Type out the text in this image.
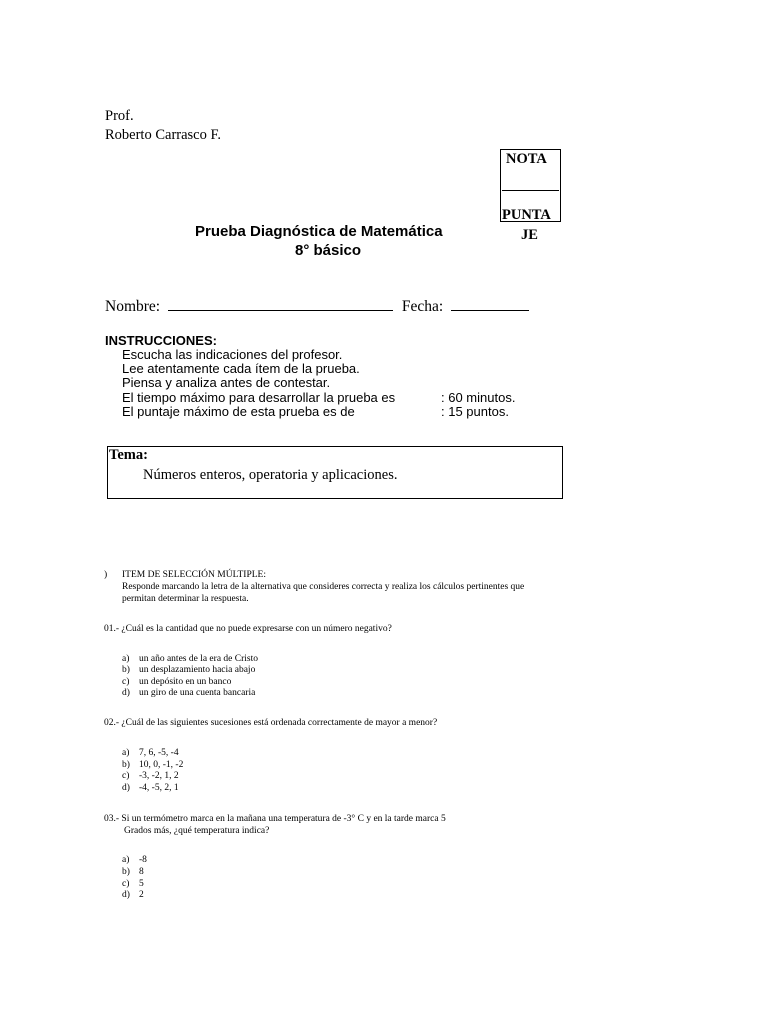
Prof.
Roberto Carrasco F.
NOTA
PUNTA
JE
Prueba Diagnóstica de Matemática
8° básico
Nombre:	Fecha:
INSTRUCCIONES:
Escucha las indicaciones del profesor.
Lee atentamente cada ítem de la prueba.
Piensa y analiza antes de contestar.
El tiempo máximo para desarrollar la prueba es
El puntaje máximo de esta prueba es de
: 60 minutos.
: 15 puntos.
Tema:
Números enteros, operatoria y aplicaciones.
) ITEM DE SELECCIÓN MÚLTIPLE:
Responde marcando la letra de la alternativa que consideres correcta y realiza los cálculos pertinentes que
permitan determinar la respuesta.
01.- ¿Cuál es la cantidad que no puede expresarse con un número negativo?
a) un año antes de la era de Cristo
b) un desplazamiento hacia abajo
c) un depósito en un banco
d) un giro de una cuenta bancaria
02.- ¿Cuál de las siguientes sucesiones está ordenada correctamente de mayor a menor?
a) 7, 6, -5, -4
b) 10, 0, -1, -2
c) -3, -2, 1, 2
d) -4, -5, 2, 1
03.- Si un termómetro marca en la mañana una temperatura de -3° C y en la tarde marca 5
Grados más, ¿qué temperatura indica?
a) -8
b) 8
c) 5
d) 2
